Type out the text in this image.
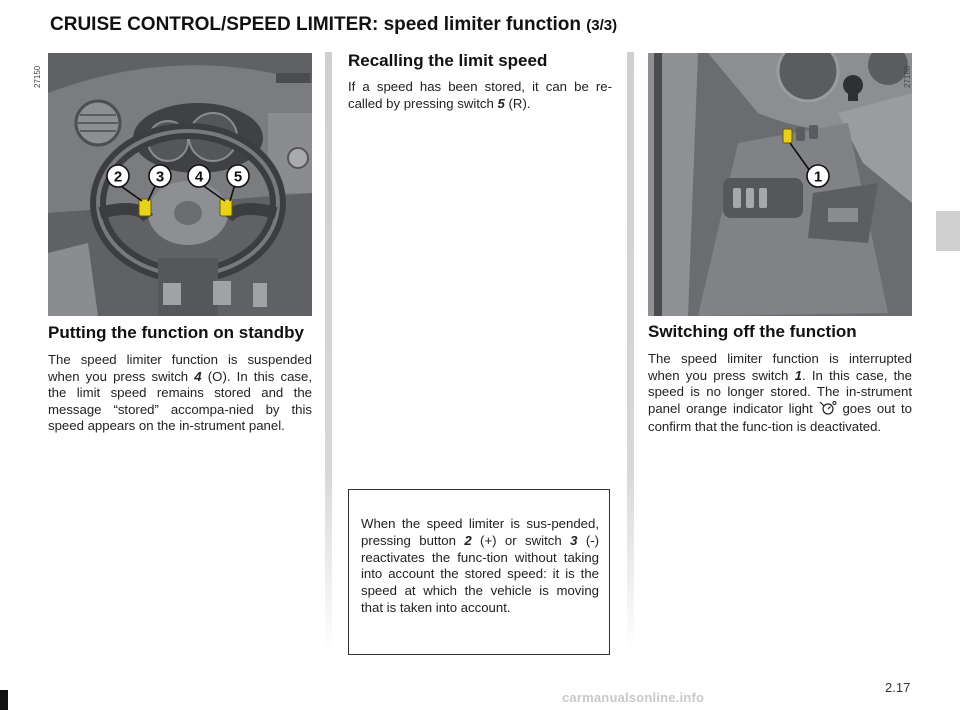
CRUISE CONTROL/SPEED LIMITER: speed limiter function (3/3)
2 3 4 5
27150
1
27188
Putting the function on standby

The speed limiter function is suspended when you press switch 4 (O). In this case, the limit speed remains stored and the message “stored” accompa-nied by this speed appears on the in-strument panel.

Recalling the limit speed

If a speed has been stored, it can be re-called by pressing switch 5 (R).

When the speed limiter is sus-pended, pressing button 2 (+) or switch 3 (-) reactivates the func-tion without taking into account the stored speed: it is the speed at which the vehicle is moving that is taken into account.

Switching off the function

The speed limiter function is interrupted when you press switch 1. In this case, the speed is no longer stored. The in-strument panel orange indicator light  goes out to confirm that the func-tion is deactivated.

2.17
carmanualsonline.info
